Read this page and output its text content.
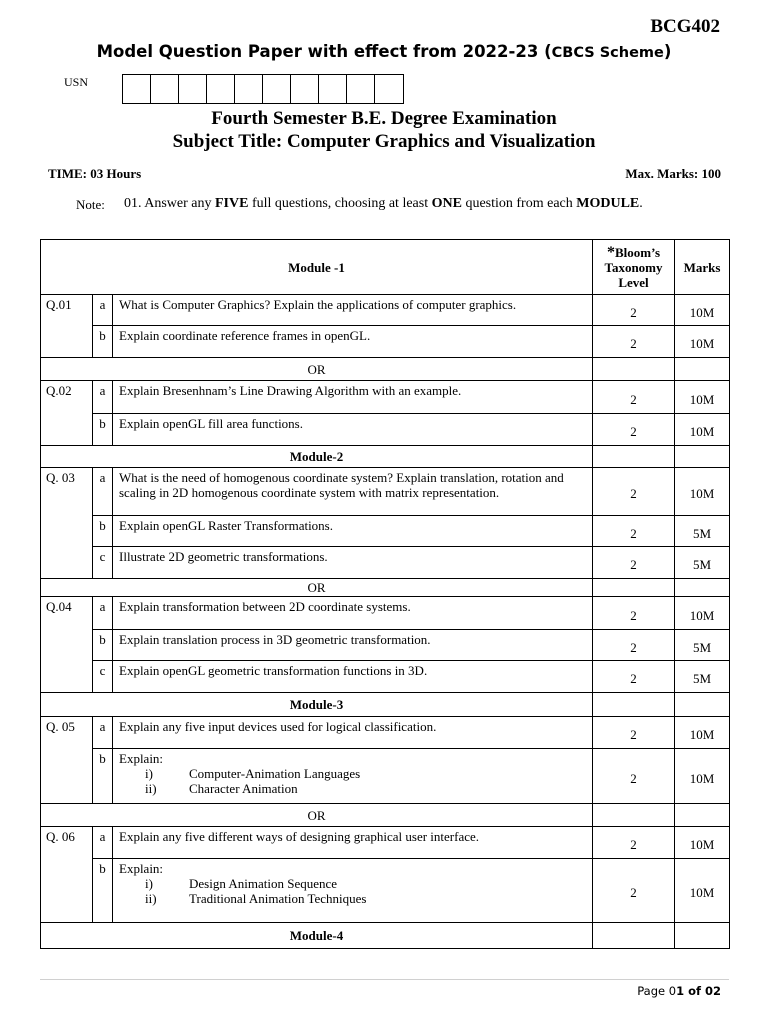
BCG402
Model Question Paper with effect from 2022-23 (CBCS Scheme)
USN
Fourth Semester B.E. Degree Examination
Subject Title: Computer Graphics and Visualization
TIME: 03 Hours	Max. Marks: 100
Note: 01. Answer any FIVE full questions, choosing at least ONE question from each MODULE.
Module -1			*Bloom’s
Taxonomy
Level	Marks
Q.01	a	What is Computer Graphics? Explain the applications of computer graphics.	2	10M
	b	Explain coordinate reference frames in openGL.	2	10M
OR				
Q.02	a	Explain Bresenhnam’s Line Drawing Algorithm with an example.	2	10M
	b	Explain openGL fill area functions.	2	10M
Module-2				
Q. 03	a	What is the need of homogenous coordinate system? Explain translation, rotation and scaling in 2D homogenous coordinate system with matrix representation.	2	10M
	b	Explain openGL Raster Transformations.	2	5M
	c	Illustrate 2D geometric transformations.	2	5M
OR				
Q.04	a	Explain transformation between 2D coordinate systems.	2	10M
	b	Explain translation process in 3D geometric transformation.	2	5M
	c	Explain openGL geometric transformation functions in 3D.	2	5M
Module-3				
Q. 05	a	Explain any five input devices used for logical classification.	2	10M
	b	Explain:
i) Computer-Animation Languages
ii) Character Animation	2	10M
OR				
Q. 06	a	Explain any five different ways of designing graphical user interface.	2	10M
	b	Explain:
i) Design Animation Sequence
ii) Traditional Animation Techniques	2	10M
Module-4				
Page 01 of 02
